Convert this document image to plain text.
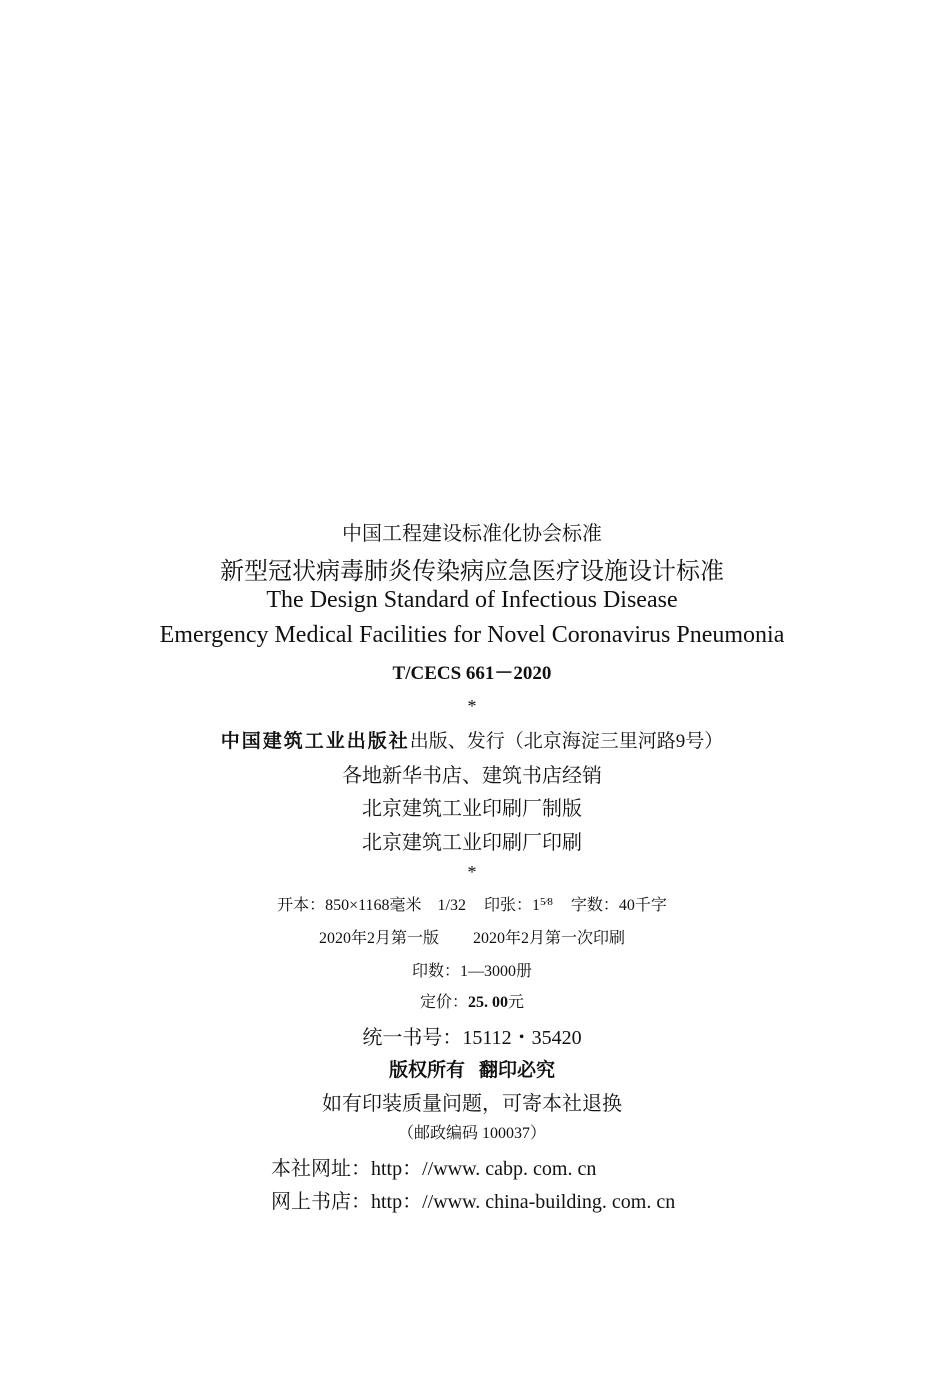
中国工程建设标准化协会标准
新型冠状病毒肺炎传染病应急医疗设施设计标准
The Design Standard of Infectious Disease
Emergency Medical Facilities for Novel Coronavirus Pneumonia
T/CECS 661－2020
*
中国建筑工业出版社出版、发行（北京海淀三里河路9号）
各地新华书店、建筑书店经销
北京建筑工业印刷厂制版
北京建筑工业印刷厂印刷
*
开本：850×1168毫米　1/32 印张：$1^{5⁄8}$ 字数：40千字
2020年2月第一版 2020年2月第一次印刷
印数：1—3000册
定价：25. 00元
统一书号：15112・35420
版权所有 翻印必究
如有印装质量问题，可寄本社退换
（邮政编码 100037）
本社网址：http：//www. cabp. com. cn
网上书店：http：//www. china-building. com. cn
